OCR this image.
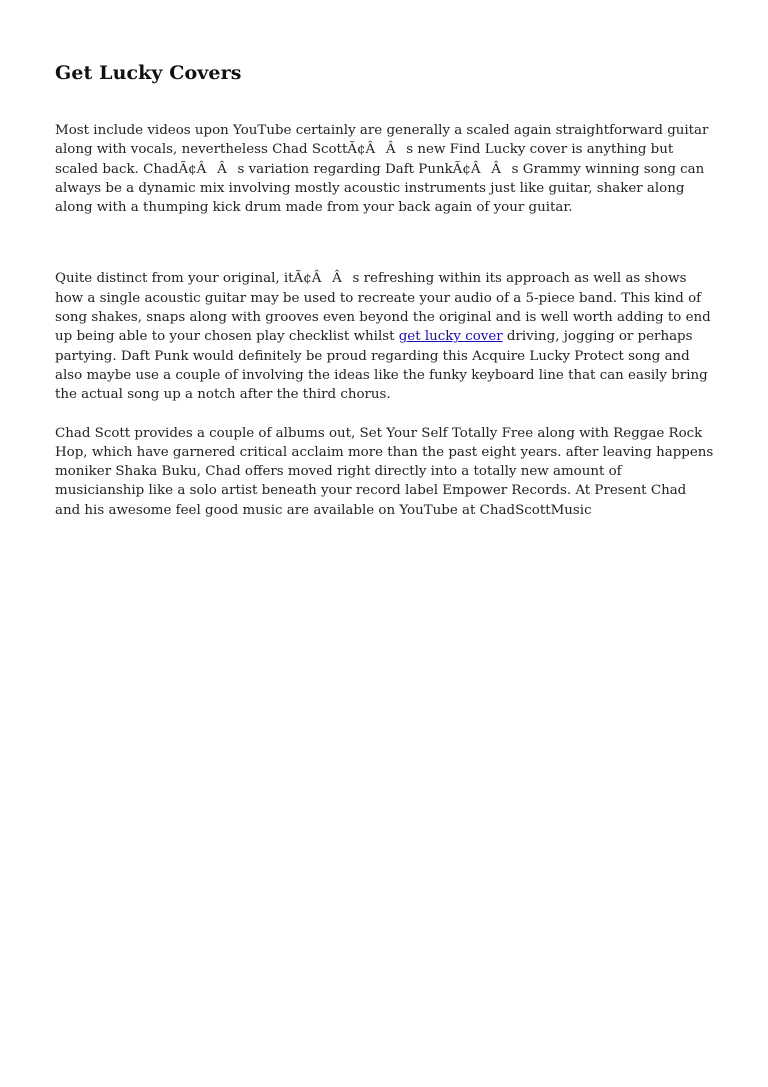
Get Lucky Covers

Most include videos upon YouTube certainly are generally a scaled again straightforward guitar along with vocals, nevertheless Chad ScottÃ¢ÂÂs new Find Lucky cover is anything but scaled back. ChadÃ¢ÂÂs variation regarding Daft PunkÃ¢ÂÂs Grammy winning song can always be a dynamic mix involving mostly acoustic instruments just like guitar, shaker along along with a thumping kick drum made from your back again of your guitar.

Quite distinct from your original, itÃ¢ÂÂs refreshing within its approach as well as shows how a single acoustic guitar may be used to recreate your audio of a 5-piece band. This kind of song shakes, snaps along with grooves even beyond the original and is well worth adding to end up being able to your chosen play checklist whilst get lucky cover driving, jogging or perhaps partying. Daft Punk would definitely be proud regarding this Acquire Lucky Protect song and also maybe use a couple of involving the ideas like the funky keyboard line that can easily bring the actual song up a notch after the third chorus.

Chad Scott provides a couple of albums out, Set Your Self Totally Free along with Reggae Rock Hop, which have garnered critical acclaim more than the past eight years. after leaving happens moniker Shaka Buku, Chad offers moved right directly into a totally new amount of musicianship like a solo artist beneath your record label Empower Records. At Present Chad and his awesome feel good music are available on YouTube at ChadScottMusic
